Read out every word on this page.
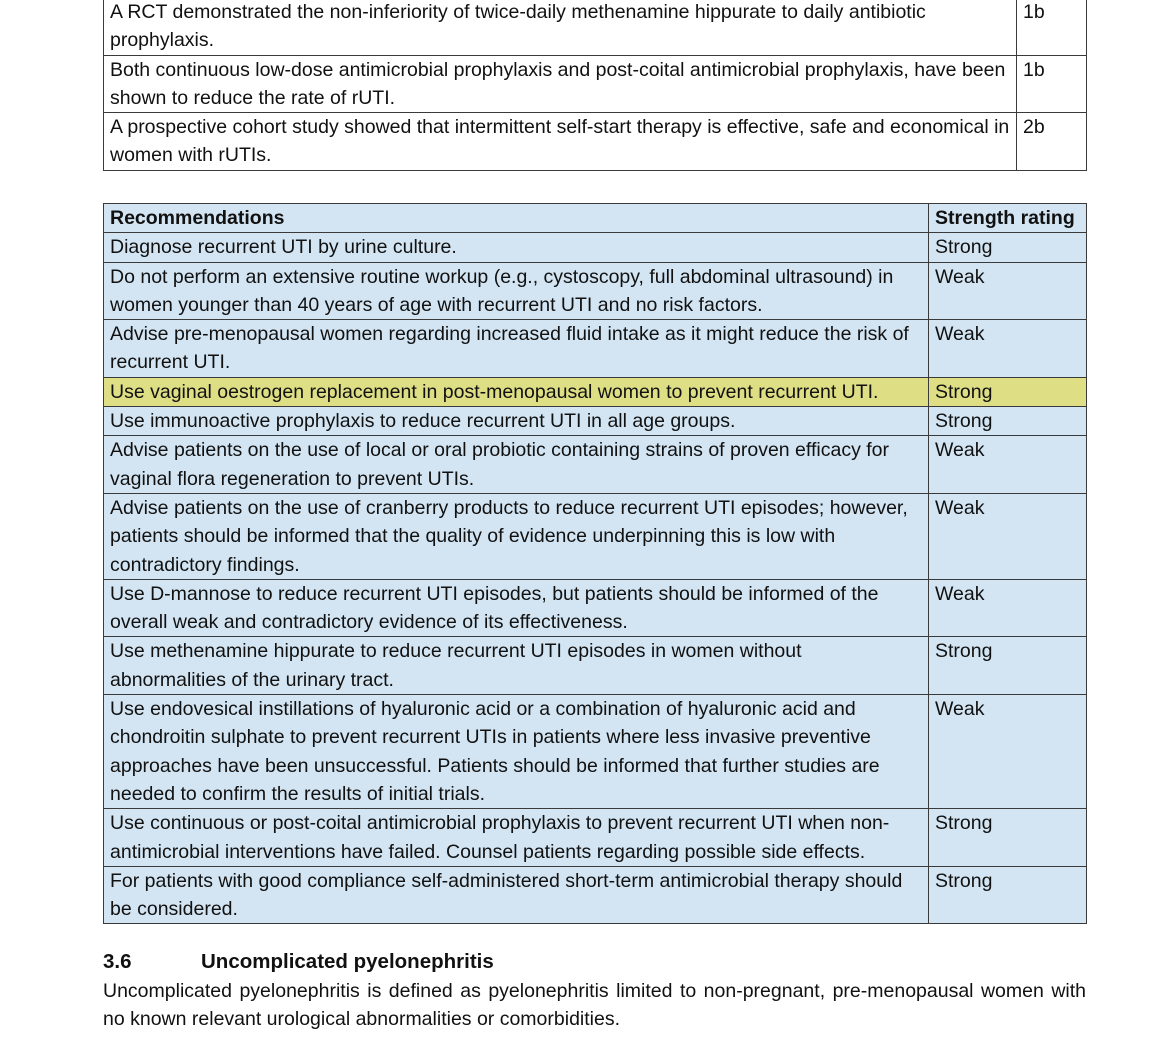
A RCT demonstrated the non-inferiority of twice-daily methenamine hippurate to daily antibiotic prophylaxis.	1b
Both continuous low-dose antimicrobial prophylaxis and post-coital antimicrobial prophylaxis, have been shown to reduce the rate of rUTI.	1b
A prospective cohort study showed that intermittent self-start therapy is effective, safe and economical in women with rUTIs.	2b
Recommendations	Strength rating
Diagnose recurrent UTI by urine culture.	Strong
Do not perform an extensive routine workup (e.g., cystoscopy, full abdominal ultrasound) in women younger than 40 years of age with recurrent UTI and no risk factors.	Weak
Advise pre-menopausal women regarding increased fluid intake as it might reduce the risk of recurrent UTI.	Weak
Use vaginal oestrogen replacement in post-menopausal women to prevent recurrent UTI.	Strong
Use immunoactive prophylaxis to reduce recurrent UTI in all age groups.	Strong
Advise patients on the use of local or oral probiotic containing strains of proven efficacy for vaginal flora regeneration to prevent UTIs.	Weak
Advise patients on the use of cranberry products to reduce recurrent UTI episodes; however, patients should be informed that the quality of evidence underpinning this is low with contradictory findings.	Weak
Use D-mannose to reduce recurrent UTI episodes, but patients should be informed of the overall weak and contradictory evidence of its effectiveness.	Weak
Use methenamine hippurate to reduce recurrent UTI episodes in women without abnormalities of the urinary tract.	Strong
Use endovesical instillations of hyaluronic acid or a combination of hyaluronic acid and chondroitin sulphate to prevent recurrent UTIs in patients where less invasive preventive approaches have been unsuccessful. Patients should be informed that further studies are needed to confirm the results of initial trials.	Weak
Use continuous or post-coital antimicrobial prophylaxis to prevent recurrent UTI when non-antimicrobial interventions have failed. Counsel patients regarding possible side effects.	Strong
For patients with good compliance self-administered short-term antimicrobial therapy should be considered.	Strong
3.6	Uncomplicated pyelonephritis
Uncomplicated pyelonephritis is defined as pyelonephritis limited to non-pregnant, pre-menopausal women with no known relevant urological abnormalities or comorbidities.
